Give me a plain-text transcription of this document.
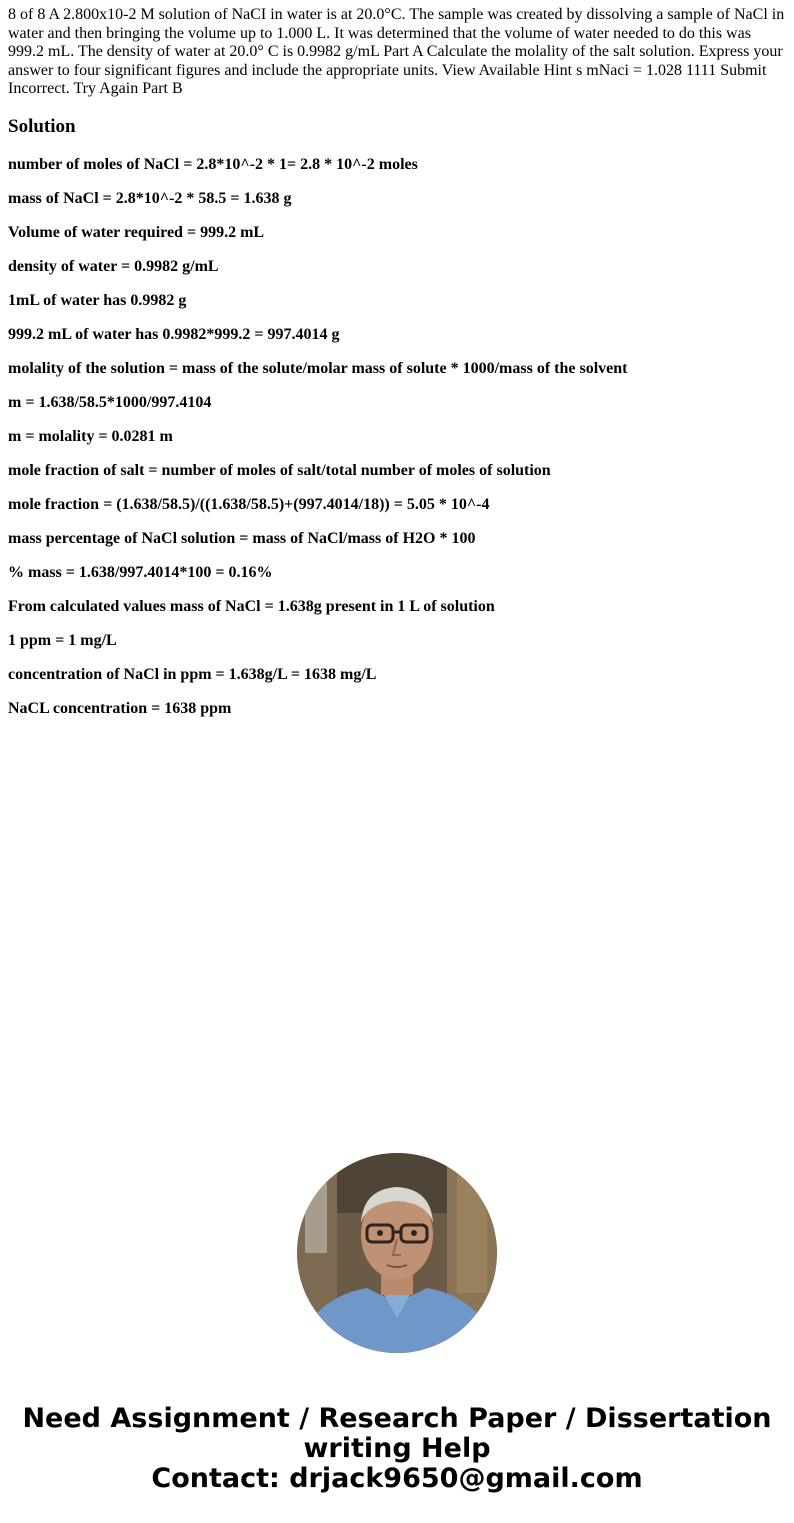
8 of 8 A 2.800x10-2 M solution of NaCI in water is at 20.0°C. The sample was created by dissolving a sample of NaCl in water and then bringing the volume up to 1.000 L. It was determined that the volume of water needed to do this was 999.2 mL. The density of water at 20.0° C is 0.9982 g/mL Part A Calculate the molality of the salt solution. Express your answer to four significant figures and include the appropriate units. View Available Hint s mNaci = 1.028 1111 Submit Incorrect. Try Again Part B

Solution

number of moles of NaCl = 2.8*10^-2 * 1= 2.8 * 10^-2 moles

mass of NaCl = 2.8*10^-2 * 58.5 = 1.638 g

Volume of water required = 999.2 mL

density of water = 0.9982 g/mL

1mL of water has 0.9982 g

999.2 mL of water has 0.9982*999.2 = 997.4014 g

molality of the solution = mass of the solute/molar mass of solute * 1000/mass of the solvent

m = 1.638/58.5*1000/997.4104

m = molality = 0.0281 m

mole fraction of salt = number of moles of salt/total number of moles of solution

mole fraction = (1.638/58.5)/((1.638/58.5)+(997.4014/18)) = 5.05 * 10^-4

mass percentage of NaCl solution = mass of NaCl/mass of H2O * 100

% mass = 1.638/997.4014*100 = 0.16%

From calculated values mass of NaCl = 1.638g present in 1 L of solution

1 ppm = 1 mg/L

concentration of NaCl in ppm = 1.638g/L = 1638 mg/L

NaCL concentration = 1638 ppm

Need Assignment / Research Paper / Dissertation
writing Help
Contact: drjack9650@gmail.com
